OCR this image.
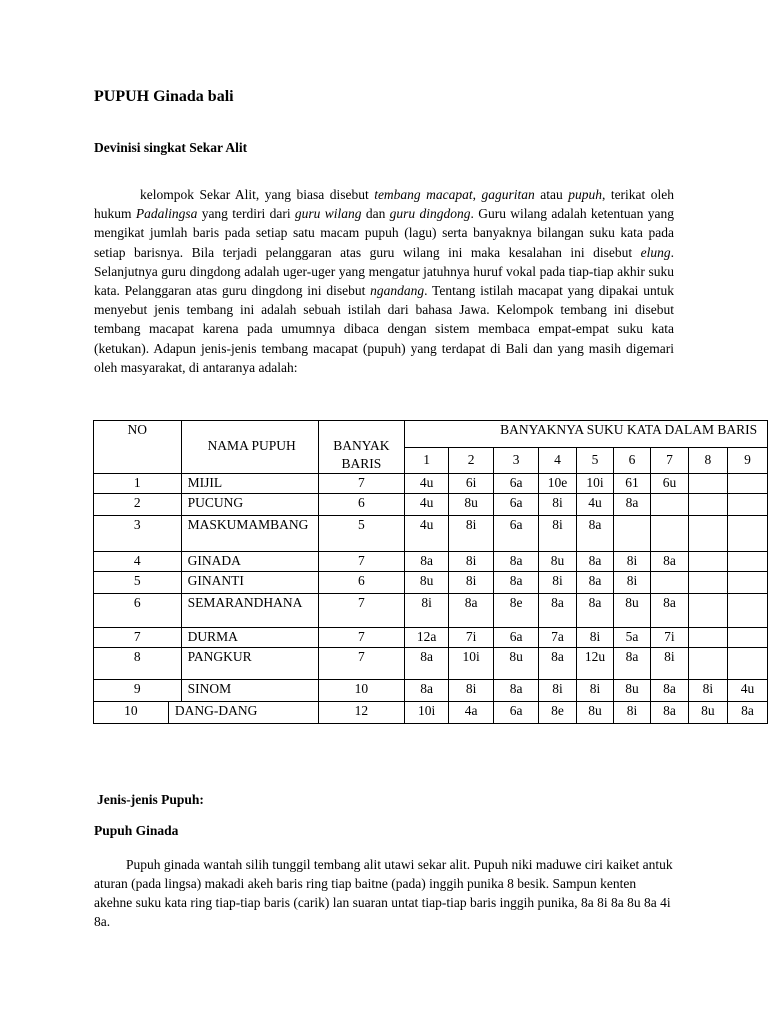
PUPUH Ginada bali
Devinisi singkat Sekar Alit
kelompok Sekar Alit, yang biasa disebut tembang macapat, gaguritan atau pupuh, terikat oleh hukum Padalingsa yang terdiri dari guru wilang dan guru dingdong. Guru wilang adalah ketentuan yang mengikat jumlah baris pada setiap satu macam pupuh (lagu) serta banyaknya bilangan suku kata pada setiap barisnya. Bila terjadi pelanggaran atas guru wilang ini maka kesalahan ini disebut elung. Selanjutnya guru dingdong adalah uger-uger yang mengatur jatuhnya huruf vokal pada tiap-tiap akhir suku kata. Pelanggaran atas guru dingdong ini disebut ngandang. Tentang istilah macapat yang dipakai untuk menyebut jenis tembang ini adalah sebuah istilah dari bahasa Jawa. Kelompok tembang ini disebut tembang macapat karena pada umumnya dibaca dengan sistem membaca empat-empat suku kata (ketukan). Adapun jenis-jenis tembang macapat (pupuh) yang terdapat di Bali dan yang masih digemari oleh masyarakat, di antaranya adalah:
NO		NAMA PUPUH	BANYAK BARIS	BANYAKNYA SUKU KATA DALAM BARIS								
				1	2	3	4	5	6	7	8	9
1		MIJIL	7	4u	6i	6a	10e	10i	61	6u		
2		PUCUNG	6	4u	8u	6a	8i	4u	8a			
3		MASKUMAMBANG	5	4u	8i	6a	8i	8a				
4		GINADA	7	8a	8i	8a	8u	8a	8i	8a		
5		GINANTI	6	8u	8i	8a	8i	8a	8i			
6		SEMARANDHANA	7	8i	8a	8e	8a	8a	8u	8a		
7		DURMA	7	12a	7i	6a	7a	8i	5a	7i		
8		PANGKUR	7	8a	10i	8u	8a	12u	8a	8i		
9		SINOM	10	8a	8i	8a	8i	8i	8u	8a	8i	4u
10	DANG-DANG		12	10i	4a	6a	8e	8u	8i	8a	8u	8a
Jenis-jenis Pupuh:
Pupuh Ginada
Pupuh ginada wantah silih tunggil tembang alit utawi sekar alit. Pupuh niki maduwe ciri kaiket antuk aturan (pada lingsa) makadi akeh baris ring tiap baitne (pada) inggih punika 8 besik. Sampun kenten akehne suku kata ring tiap-tiap baris (carik) lan suaran untat tiap-tiap baris inggih punika, 8a 8i 8a 8u 8a 4i 8a.
